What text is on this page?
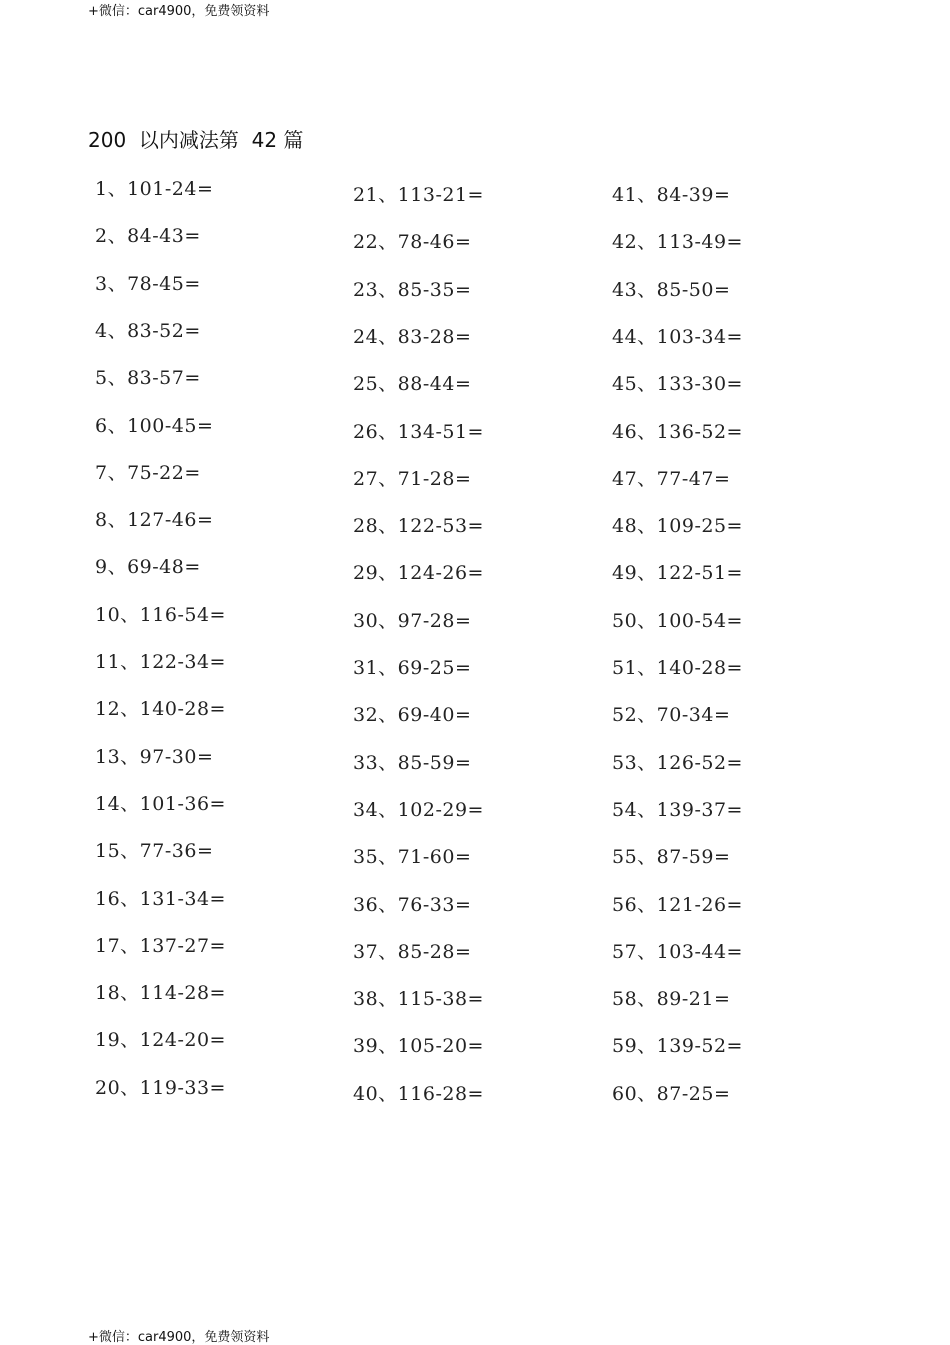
+微信：car4900，免费领资料
200  以内减法第  42 篇
1、101-24=
2、84-43=
3、78-45=
4、83-52=
5、83-57=
6、100-45=
7、75-22=
8、127-46=
9、69-48=
10、116-54=
11、122-34=
12、140-28=
13、97-30=
14、101-36=
15、77-36=
16、131-34=
17、137-27=
18、114-28=
19、124-20=
20、119-33=
21、113-21=
22、78-46=
23、85-35=
24、83-28=
25、88-44=
26、134-51=
27、71-28=
28、122-53=
29、124-26=
30、97-28=
31、69-25=
32、69-40=
33、85-59=
34、102-29=
35、71-60=
36、76-33=
37、85-28=
38、115-38=
39、105-20=
40、116-28=
41、84-39=
42、113-49=
43、85-50=
44、103-34=
45、133-30=
46、136-52=
47、77-47=
48、109-25=
49、122-51=
50、100-54=
51、140-28=
52、70-34=
53、126-52=
54、139-37=
55、87-59=
56、121-26=
57、103-44=
58、89-21=
59、139-52=
60、87-25=
+微信：car4900，免费领资料
